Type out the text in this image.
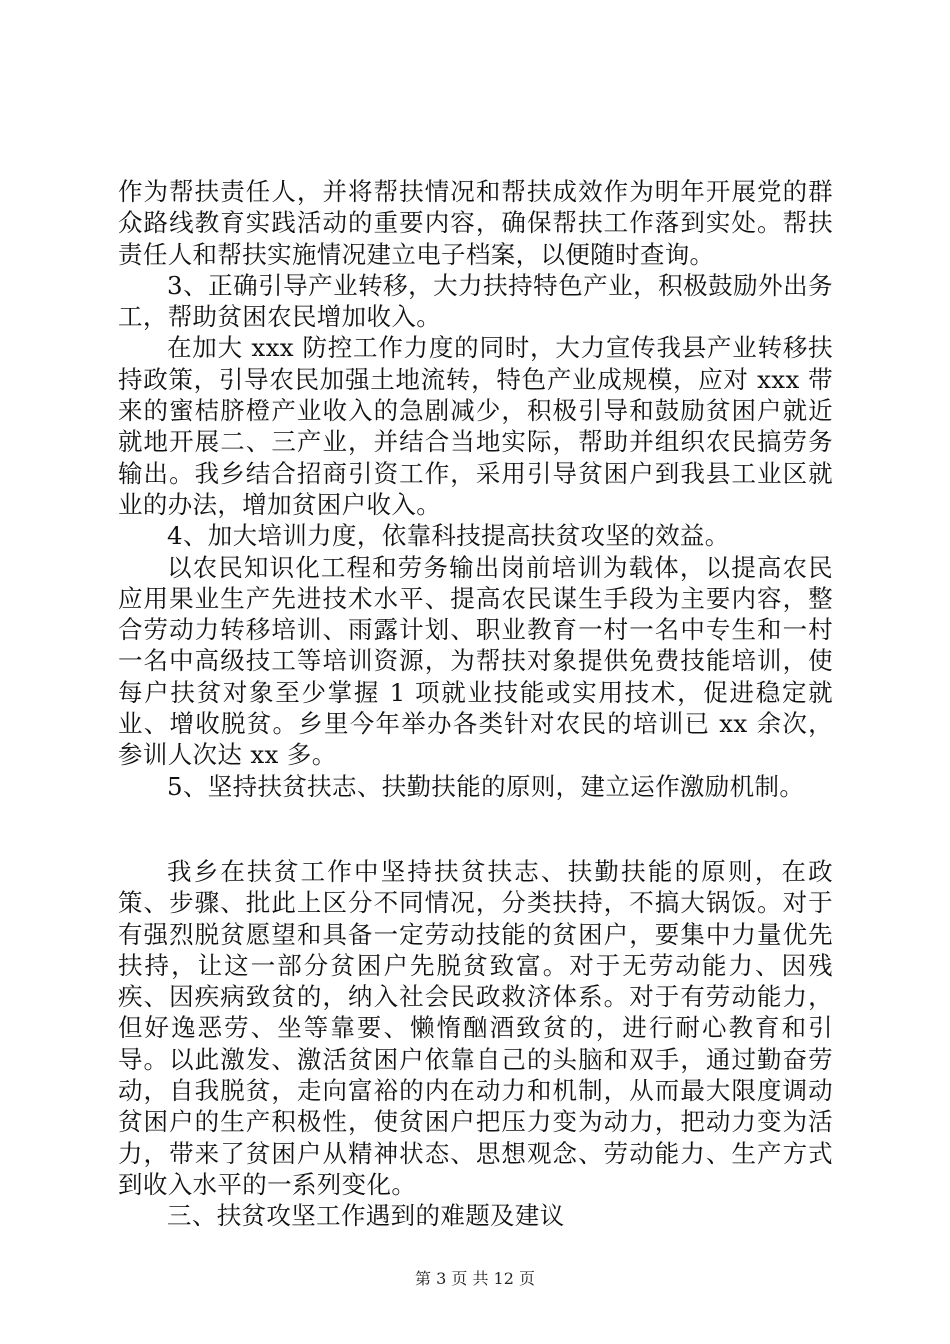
作为帮扶责任人，并将帮扶情况和帮扶成效作为明年开展党的群众路线教育实践活动的重要内容，确保帮扶工作落到实处。帮扶责任人和帮扶实施情况建立电子档案，以便随时查询。

3、正确引导产业转移，大力扶持特色产业，积极鼓励外出务工，帮助贫困农民增加收入。

在加大 xxx 防控工作力度的同时，大力宣传我县产业转移扶持政策，引导农民加强土地流转，特色产业成规模，应对 xxx 带来的蜜桔脐橙产业收入的急剧减少，积极引导和鼓励贫困户就近就地开展二、三产业，并结合当地实际，帮助并组织农民搞劳务输出。我乡结合招商引资工作，采用引导贫困户到我县工业区就业的办法，增加贫困户收入。

4、加大培训力度，依靠科技提高扶贫攻坚的效益。

以农民知识化工程和劳务输出岗前培训为载体，以提高农民应用果业生产先进技术水平、提高农民谋生手段为主要内容，整合劳动力转移培训、雨露计划、职业教育一村一名中专生和一村一名中高级技工等培训资源，为帮扶对象提供免费技能培训，使每户扶贫对象至少掌握 1 项就业技能或实用技术，促进稳定就业、增收脱贫。乡里今年举办各类针对农民的培训已 xx 余次，参训人次达 xx 多。

5、坚持扶贫扶志、扶勤扶能的原则，建立运作激励机制。

我乡在扶贫工作中坚持扶贫扶志、扶勤扶能的原则，在政策、步骤、批此上区分不同情况，分类扶持，不搞大锅饭。对于有强烈脱贫愿望和具备一定劳动技能的贫困户，要集中力量优先扶持，让这一部分贫困户先脱贫致富。对于无劳动能力、因残疾、因疾病致贫的，纳入社会民政救济体系。对于有劳动能力，但好逸恶劳、坐等靠要、懒惰酗酒致贫的，进行耐心教育和引导。以此激发、激活贫困户依靠自己的头脑和双手，通过勤奋劳动，自我脱贫，走向富裕的内在动力和机制，从而最大限度调动贫困户的生产积极性，使贫困户把压力变为动力，把动力变为活力，带来了贫困户从精神状态、思想观念、劳动能力、生产方式到收入水平的一系列变化。

三、扶贫攻坚工作遇到的难题及建议

第 3 页 共 12 页
